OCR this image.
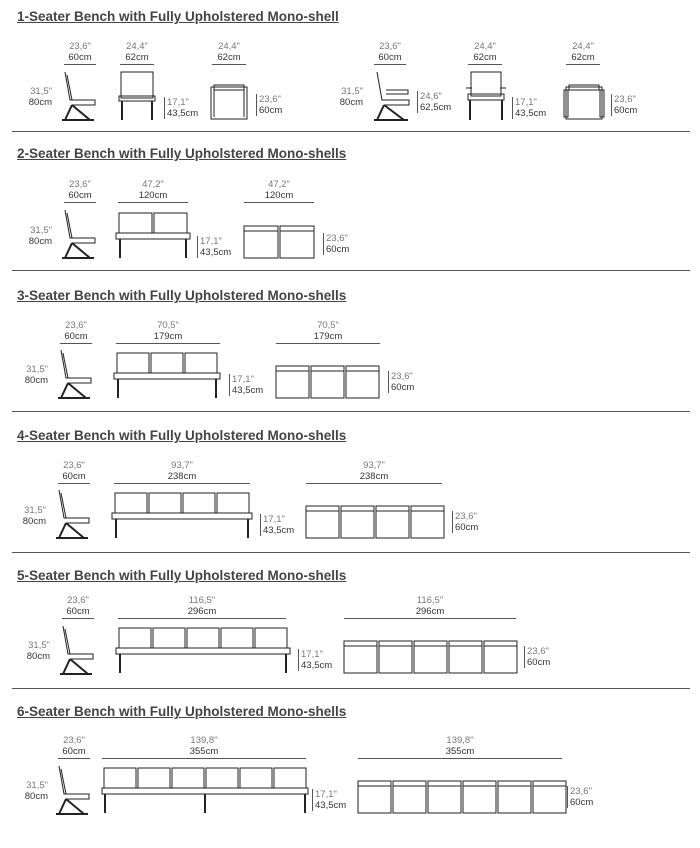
1-Seater Bench with Fully Upholstered Mono-shell
23,6"
60cm
24,4"
62cm
24,4"
62cm
31,5"
80cm	17,1"
43,5cm
23,6"
60cm
23,6"
60cm
24,4"
62cm
24,4"
62cm
31,5"
80cm
24,6"
62,5cm	17,1"
43,5cm
23,6"
60cm
2-Seater Bench with Fully Upholstered Mono-shells
23,6"
60cm
47,2"
120cm
47,2"
120cm
31,5"
80cm	17,1"
43,5cm
23,6"
60cm
3-Seater Bench with Fully Upholstered Mono-shells
23,6"
60cm
70,5"
179cm
70,5"
179cm
31,5"
80cm	17,1"
43,5cm
23,6"
60cm
4-Seater Bench with Fully Upholstered Mono-shells
23,6"
60cm
93,7"
238cm
93,7"
238cm
31,5"
80cm	17,1"
43,5cm
23,6"
60cm
5-Seater Bench with Fully Upholstered Mono-shells
23,6"
60cm
116,5"
296cm
116,5"
296cm
31,5"
80cm	17,1"
43,5cm
23,6"
60cm
6-Seater Bench with Fully Upholstered Mono-shells
23,6"
60cm
139,8"
355cm
139,8"
355cm
31,5"
80cm	17,1"
43,5cm
23,6"
60cm
